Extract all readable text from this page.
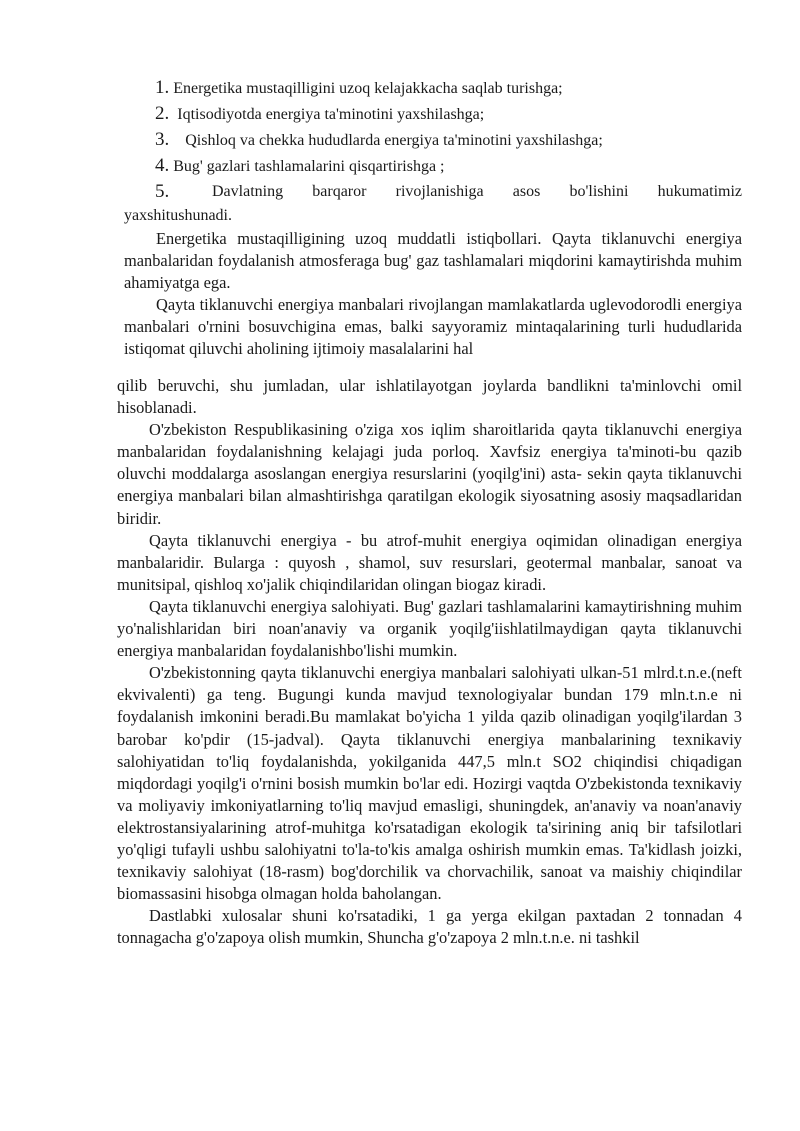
1. Energetika mustaqilligini uzoq kelajakkacha saqlab turishga;
2. Iqtisodiyotda energiya ta'minotini yaxshilashga;
3. Qishloq va chekka hududlarda energiya ta'minotini yaxshilashga;
4. Bug' gazlari tashlamalarini qisqartirishga ;
5.	Davlatning barqaror rivojlanishiga asos bo'lishini hukumatimiz
yaxshitushunadi.

Energetika mustaqilligining uzoq muddatli istiqbollari. Qayta tiklanuvchi energiya manbalaridan foydalanish atmosferaga bug' gaz tashlamalari miqdorini kamaytirishda muhim ahamiyatga ega.

Qayta tiklanuvchi energiya manbalari rivojlangan mamlakatlarda uglevodorodli energiya manbalari o'rnini bosuvchigina emas, balki sayyoramiz mintaqalarining turli hududlarida istiqomat qiluvchi aholining ijtimoiy masalalarini hal

qilib beruvchi, shu jumladan, ular ishlatilayotgan joylarda bandlikni ta'minlovchi omil hisoblanadi.

O'zbekiston Respublikasining o'ziga xos iqlim sharoitlarida qayta tiklanuvchi energiya manbalaridan foydalanishning kelajagi juda porloq. Xavfsiz energiya ta'minoti-bu qazib oluvchi moddalarga asoslangan energiya resurslarini (yoqilg'ini) asta- sekin qayta tiklanuvchi energiya manbalari bilan almashtirishga qaratilgan ekologik siyosatning asosiy maqsadlaridan biridir.

Qayta tiklanuvchi energiya - bu atrof-muhit energiya oqimidan olinadigan energiya manbalaridir. Bularga : quyosh , shamol, suv resurslari, geotermal manbalar, sanoat va munitsipal, qishloq xo'jalik chiqindilaridan olingan biogaz kiradi.

Qayta tiklanuvchi energiya salohiyati. Bug' gazlari tashlamalarini kamaytirishning muhim yo'nalishlaridan biri noan'anaviy va organik yoqilg'iishlatilmaydigan qayta tiklanuvchi energiya manbalaridan foydalanishbo'lishi mumkin.

O'zbekistonning qayta tiklanuvchi energiya manbalari salohiyati ulkan-51 mlrd.t.n.e.(neft ekvivalenti) ga teng. Bugungi kunda mavjud texnologiyalar bundan 179 mln.t.n.e ni foydalanish imkonini beradi.Bu mamlakat bo'yicha 1 yilda qazib olinadigan yoqilg'ilardan 3 barobar ko'pdir (15-jadval). Qayta tiklanuvchi energiya manbalarining texnikaviy salohiyatidan to'liq foydalanishda, yokilganida 447,5 mln.t SO2 chiqindisi chiqadigan miqdordagi yoqilg'i o'rnini bosish mumkin bo'lar edi. Hozirgi vaqtda O'zbekistonda texnikaviy va moliyaviy imkoniyatlarning to'liq mavjud emasligi, shuningdek, an'anaviy va noan'anaviy elektrostansiyalarining atrof-muhitga ko'rsatadigan ekologik ta'sirining aniq bir tafsilotlari yo'qligi tufayli ushbu salohiyatni to'la-to'kis amalga oshirish mumkin emas. Ta'kidlash joizki, texnikaviy salohiyat (18-rasm) bog'dorchilik va chorvachilik, sanoat va maishiy chiqindilar biomassasini hisobga olmagan holda baholangan.

Dastlabki xulosalar shuni ko'rsatadiki, 1 ga yerga ekilgan paxtadan 2 tonnadan 4 tonnagacha g'o'zapoya olish mumkin, Shuncha g'o'zapoya 2 mln.t.n.e. ni tashkil
